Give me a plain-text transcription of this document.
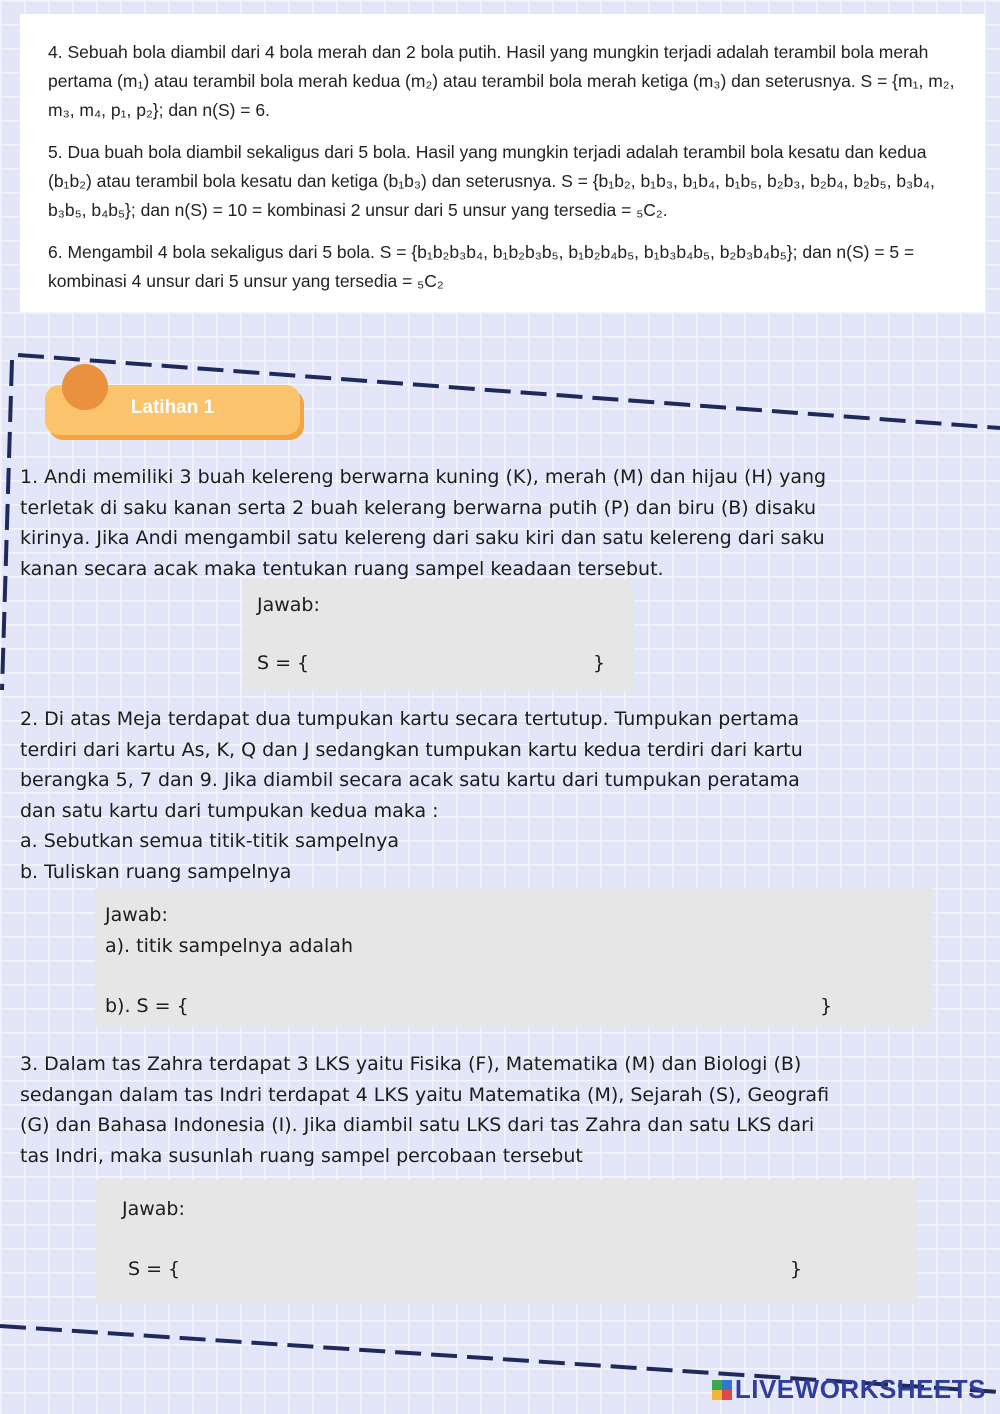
4. Sebuah bola diambil dari 4 bola merah dan 2 bola putih. Hasil yang mungkin terjadi adalah terambil bola merah pertama (m₁) atau terambil bola merah kedua (m₂) atau terambil bola merah ketiga (m₃) dan seterusnya. S = {m₁, m₂, m₃, m₄, p₁, p₂}; dan n(S) = 6.

5. Dua buah bola diambil sekaligus dari 5 bola. Hasil yang mungkin terjadi adalah terambil bola kesatu dan kedua (b₁b₂) atau terambil bola kesatu dan ketiga (b₁b₃) dan seterusnya. S = {b₁b₂, b₁b₃, b₁b₄, b₁b₅, b₂b₃, b₂b₄, b₂b₅, b₃b₄, b₃b₅, b₄b₅}; dan n(S) = 10 = kombinasi 2 unsur dari 5 unsur yang tersedia = ₅C₂.

6. Mengambil 4 bola sekaligus dari 5 bola. S = {b₁b₂b₃b₄, b₁b₂b₃b₅, b₁b₂b₄b₅, b₁b₃b₄b₅, b₂b₃b₄b₅}; dan n(S) = 5 = kombinasi 4 unsur dari 5 unsur yang tersedia = ₅C₂

Latihan 1
1. Andi memiliki 3 buah kelereng berwarna kuning (K), merah (M) dan hijau (H) yang
terletak di saku kanan serta 2 buah kelerang berwarna putih (P) dan biru (B) disaku
kirinya. Jika Andi mengambil satu kelereng dari saku kiri dan satu kelereng dari saku
kanan secara acak maka tentukan ruang sampel keadaan tersebut.
Jawab:
S = {	}
2. Di atas Meja terdapat dua tumpukan kartu secara tertutup. Tumpukan pertama
terdiri dari kartu As, K, Q dan J sedangkan tumpukan kartu kedua terdiri dari kartu
berangka 5, 7 dan 9. Jika diambil secara acak satu kartu dari tumpukan peratama
dan satu kartu dari tumpukan kedua maka :
a. Sebutkan semua titik-titik sampelnya
b. Tuliskan ruang sampelnya
Jawab:
a). titik sampelnya adalah
b). S = {	}
3. Dalam tas Zahra terdapat 3 LKS yaitu Fisika (F), Matematika (M) dan Biologi (B)
sedangan dalam tas Indri terdapat 4 LKS yaitu Matematika (M), Sejarah (S), Geografi
(G) dan Bahasa Indonesia (I). Jika diambil satu LKS dari tas Zahra dan satu LKS dari
tas Indri, maka susunlah ruang sampel percobaan tersebut
Jawab:
S = {	}
LIVEWORKSHEETS
